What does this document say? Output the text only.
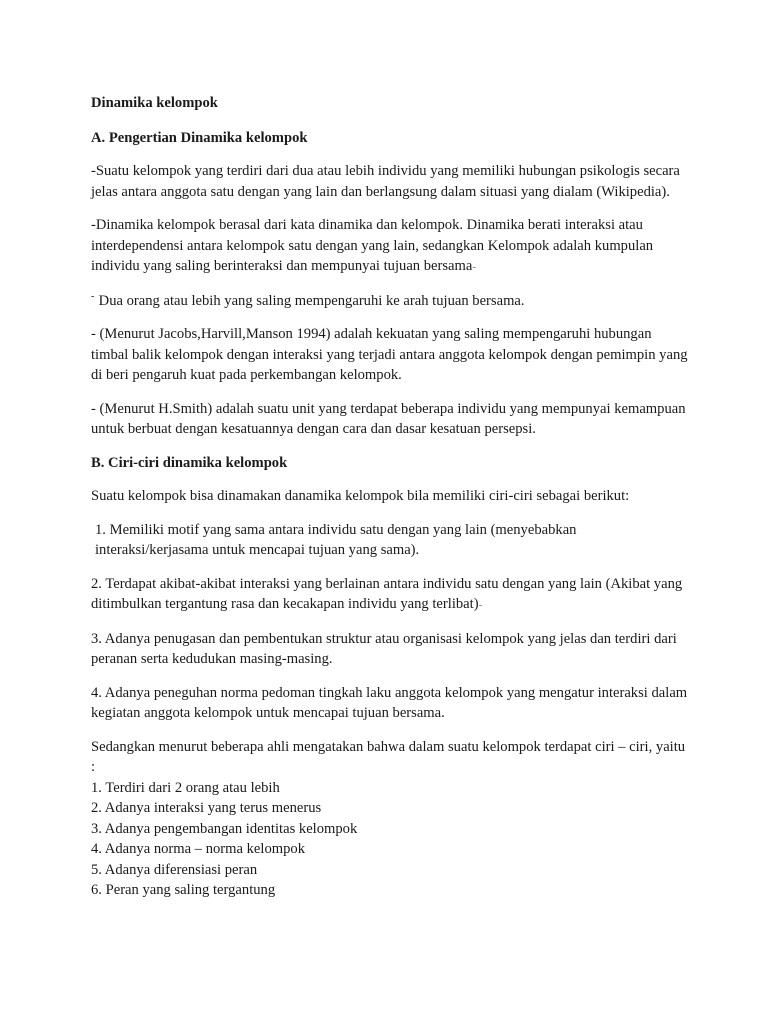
Dinamika kelompok

A. Pengertian Dinamika kelompok

-Suatu kelompok yang terdiri dari dua atau lebih individu yang memiliki hubungan psikologis secara jelas antara anggota satu dengan yang lain dan berlangsung dalam situasi yang dialam (Wikipedia).

-Dinamika kelompok berasal dari kata dinamika dan kelompok. Dinamika berati interaksi atau interdependensi antara kelompok satu dengan yang lain, sedangkan Kelompok adalah kumpulan individu yang saling berinteraksi dan mempunyai tujuan bersama-

- Dua orang atau lebih yang saling mempengaruhi ke arah tujuan bersama.

- (Menurut Jacobs,Harvill,Manson 1994) adalah kekuatan yang saling mempengaruhi hubungan timbal balik kelompok dengan interaksi yang terjadi antara anggota kelompok dengan pemimpin yang di beri pengaruh kuat pada perkembangan kelompok.

- (Menurut H.Smith) adalah suatu unit yang terdapat beberapa individu yang mempunyai kemampuan untuk berbuat dengan kesatuannya dengan cara dan dasar kesatuan persepsi.

B. Ciri-ciri dinamika kelompok

Suatu kelompok bisa dinamakan danamika kelompok bila memiliki ciri-ciri sebagai berikut:

1. Memiliki motif yang sama antara individu satu dengan yang lain (menyebabkan interaksi/kerjasama untuk mencapai tujuan yang sama).

2. Terdapat akibat-akibat interaksi yang berlainan antara individu satu dengan yang lain (Akibat yang ditimbulkan tergantung rasa dan kecakapan individu yang terlibat)-

3. Adanya penugasan dan pembentukan struktur atau organisasi kelompok yang jelas dan terdiri dari peranan serta kedudukan masing-masing.

4. Adanya peneguhan norma pedoman tingkah laku anggota kelompok yang mengatur interaksi dalam kegiatan anggota kelompok untuk mencapai tujuan bersama.

Sedangkan menurut beberapa ahli mengatakan bahwa dalam suatu kelompok terdapat ciri – ciri, yaitu :

1. Terdiri dari 2 orang atau lebih
2. Adanya interaksi yang terus menerus
3. Adanya pengembangan identitas kelompok
4. Adanya norma – norma kelompok
5. Adanya diferensiasi peran
6. Peran yang saling tergantung
